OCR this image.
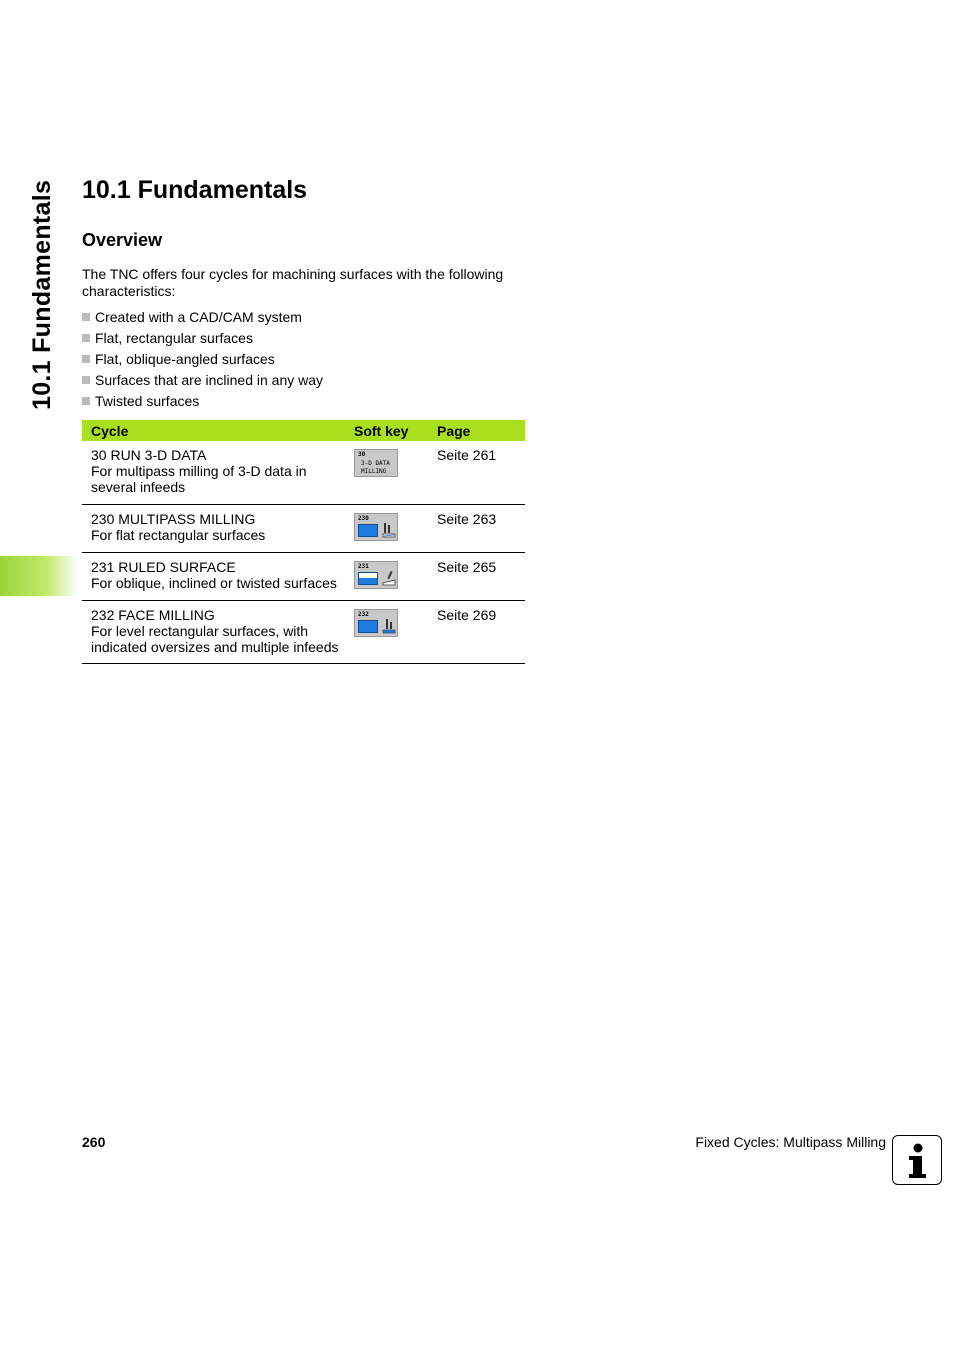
10.1 Fundamentals 10.1 Fundamentals
Overview

The TNC offers four cycles for machining surfaces with the following characteristics:

Created with a CAD/CAM system
Flat, rectangular surfaces
Flat, oblique-angled surfaces
Surfaces that are inclined in any way
Twisted surfaces
Cycle	Soft key	Page

30 RUN 3-D DATA
For multipass milling of 3-D data in
several infeeds	30
3-D DATA
MILLING	Seite 261

230 MULTIPASS MILLING
For flat rectangular surfaces	230	Seite 263

231 RULED SURFACE
For oblique, inclined or twisted surfaces	231	Seite 265

232 FACE MILLING
For level rectangular surfaces, with
indicated oversizes and multiple infeeds	232	Seite 269
260	Fixed Cycles: Multipass Milling
